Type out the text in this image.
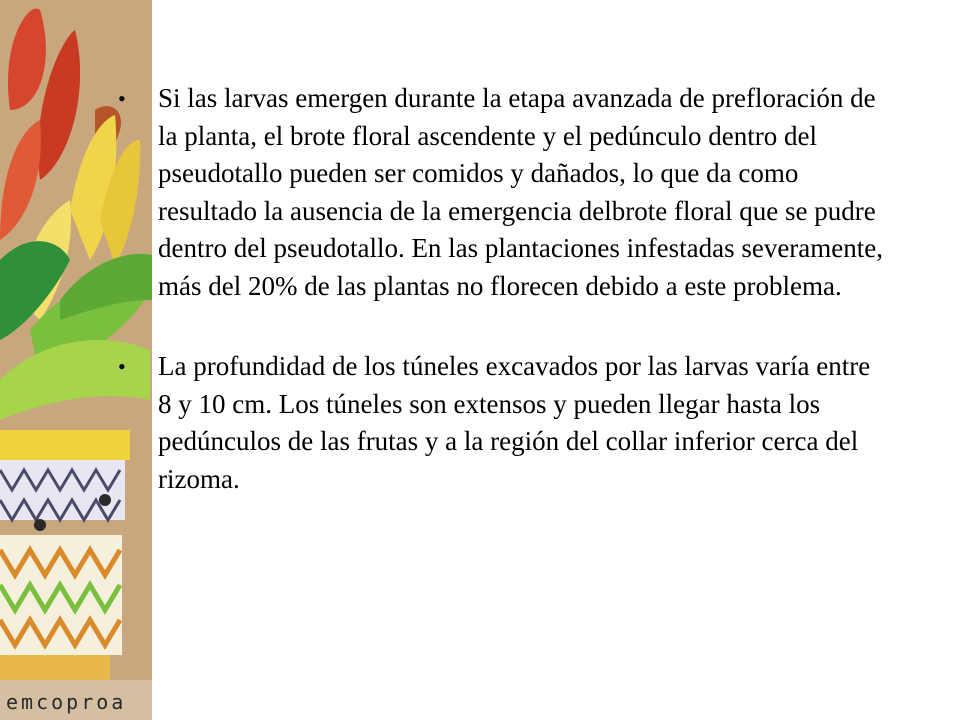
emcoproa
•	Si las larvas emergen durante la etapa avanzada de prefloración de la planta, el brote floral ascendente y el pedúnculo dentro del pseudotallo pueden ser comidos y dañados, lo que da como resultado la ausencia de la emergencia delbrote floral que se pudre dentro del pseudotallo. En las plantaciones infestadas severamente, más del 20% de las plantas no florecen debido a este problema.
•	La profundidad de los túneles excavados por las larvas varía entre 8 y 10 cm. Los túneles son extensos y pueden llegar hasta los pedúnculos de las frutas y a la región del collar inferior cerca del rizoma.
